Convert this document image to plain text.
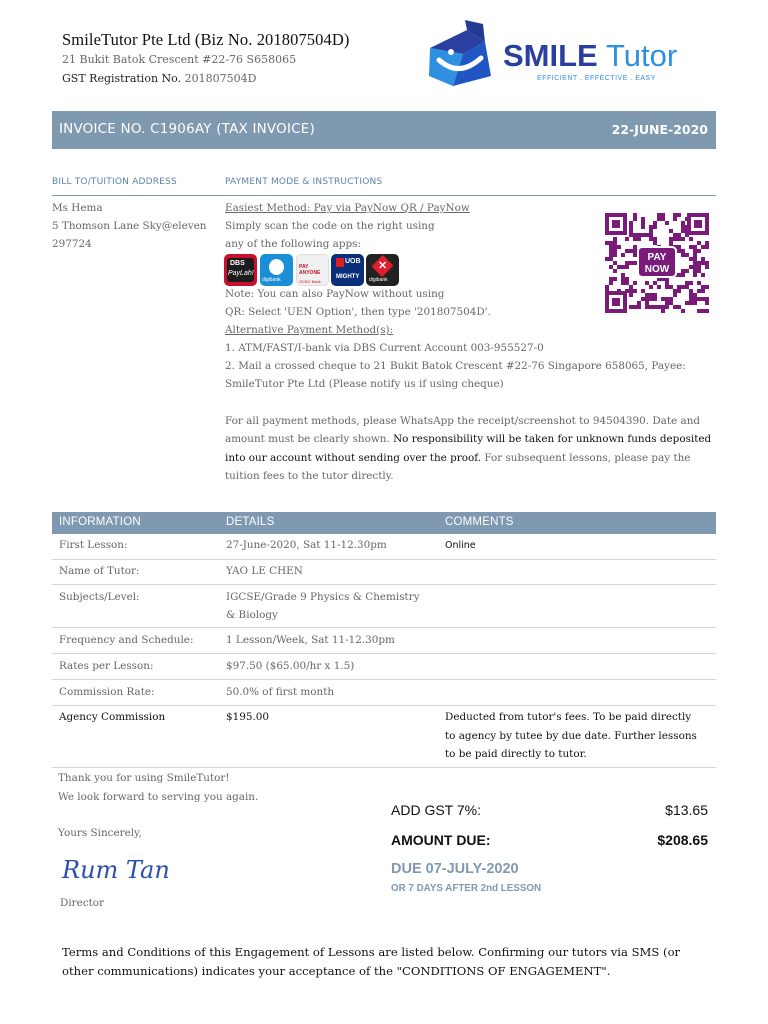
SmileTutor Pte Ltd (Biz No. 201807504D)
21 Bukit Batok Crescent #22-76 S658065
GST Registration No. 201807504D
SMILE Tutor
EFFICIENT . EFFECTIVE . EASY
INVOICE NO. C1906AY (TAX INVOICE)	22-JUNE-2020
BILL TO/TUITION ADDRESS	PAYMENT MODE & INSTRUCTIONS
Ms Hema
5 Thomson Lane Sky@eleven
297724
Easiest Method: Pay via PayNow QR / PayNow
Simply scan the code on the right using
any of the following apps:
DBS
PayLah!
digibank
PAY ANYONE
OCBC Bank
UOB
MIGHTY
✕
digibank
Note: You can also PayNow without using
QR: Select 'UEN Option', then type '201807504D'.
Alternative Payment Method(s):
1. ATM/FAST/I-bank via DBS Current Account 003-955527-0
2. Mail a crossed cheque to 21 Bukit Batok Crescent #22-76 Singapore 658065, Payee:
SmileTutor Pte Ltd (Please notify us if using cheque)
PAY
NOW
For all payment methods, please WhatsApp the receipt/screenshot to 94504390. Date and amount must be clearly shown. No responsibility will be taken for unknown funds deposited into our account without sending over the proof. For subsequent lessons, please pay the tuition fees to the tutor directly.
INFORMATION	DETAILS	COMMENTS
First Lesson:	27-June-2020, Sat 11-12.30pm	Online
Name of Tutor:	YAO LE CHEN
Subjects/Level:	IGCSE/Grade 9 Physics & Chemistry
& Biology
Frequency and Schedule:	1 Lesson/Week, Sat 11-12.30pm
Rates per Lesson:	$97.50 ($65.00/hr x 1.5)
Commission Rate:	50.0% of first month
Agency Commission	$195.00	Deducted from tutor's fees. To be paid directly
to agency by tutee by due date. Further lessons
to be paid directly to tutor.
Thank you for using SmileTutor!
We look forward to serving you again.
Yours Sincerely,
Rum Tan
Director
ADD GST 7%:	$13.65
AMOUNT DUE:	$208.65
DUE 07-JULY-2020
OR 7 DAYS AFTER 2nd LESSON
Terms and Conditions of this Engagement of Lessons are listed below. Confirming our tutors via SMS (or other communications) indicates your acceptance of the "CONDITIONS OF ENGAGEMENT".
